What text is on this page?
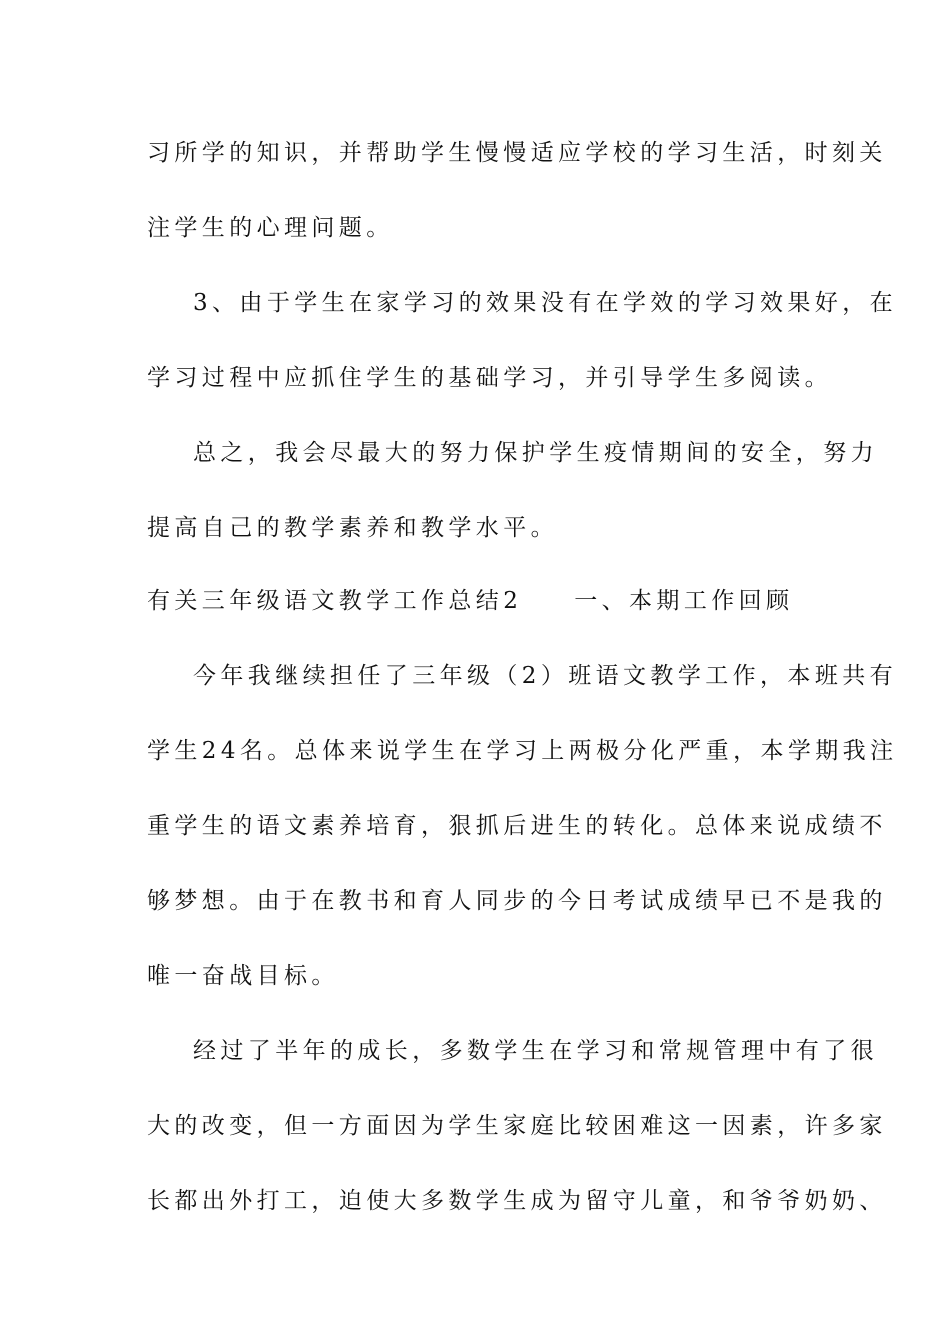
习所学的知识，并帮助学生慢慢适应学校的学习生活，时刻关
注学生的心理问题。
3、由于学生在家学习的效果没有在学效的学习效果好，在
学习过程中应抓住学生的基础学习，并引导学生多阅读。
总之，我会尽最大的努力保护学生疫情期间的安全，努力
提高自己的教学素养和教学水平。
有关三年级语文教学工作总结2 一、本期工作回顾
今年我继续担任了三年级（2）班语文教学工作，本班共有
学生24名。总体来说学生在学习上两极分化严重，本学期我注
重学生的语文素养培育，狠抓后进生的转化。总体来说成绩不
够梦想。由于在教书和育人同步的今日考试成绩早已不是我的
唯一奋战目标。
经过了半年的成长，多数学生在学习和常规管理中有了很
大的改变，但一方面因为学生家庭比较困难这一因素，许多家
长都出外打工，迫使大多数学生成为留守儿童，和爷爷奶奶、
